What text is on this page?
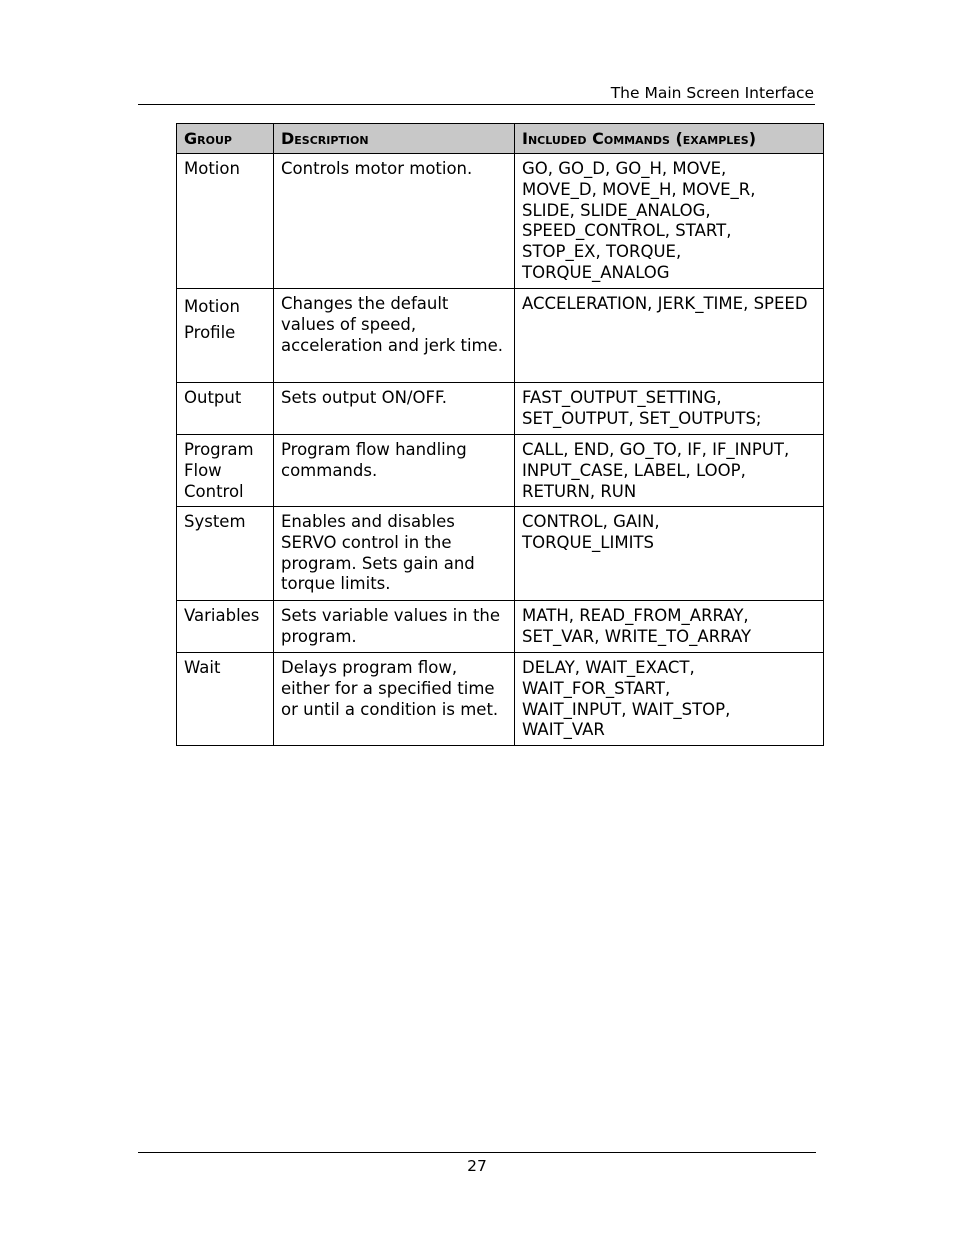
The Main Screen Interface
Group	Description	Included Commands (examples)
Motion	Controls motor motion.	GO, GO_D, GO_H, MOVE, MOVE_D, MOVE_H, MOVE_R, SLIDE, SLIDE_ANALOG, SPEED_CONTROL, START, STOP_EX, TORQUE, TORQUE_ANALOG

Motion Profile	Changes the default values of speed, acceleration and jerk time.	ACCELERATION, JERK_TIME, SPEED
Output	Sets output ON/OFF.	FAST_OUTPUT_SETTING, SET_OUTPUT, SET_OUTPUTS;

Program Flow Control	Program flow handling commands.	CALL, END, GO_TO, IF, IF_INPUT, INPUT_CASE, LABEL, LOOP, RETURN, RUN

System	Enables and disables SERVO control in the program. Sets gain and torque limits.	CONTROL, GAIN, TORQUE_LIMITS

Variables	Sets variable values in the program.	MATH, READ_FROM_ARRAY, SET_VAR, WRITE_TO_ARRAY

Wait	Delays program flow, either for a specified time or until a condition is met.	DELAY, WAIT_EXACT, WAIT_FOR_START, WAIT_INPUT, WAIT_STOP, WAIT_VAR
27
